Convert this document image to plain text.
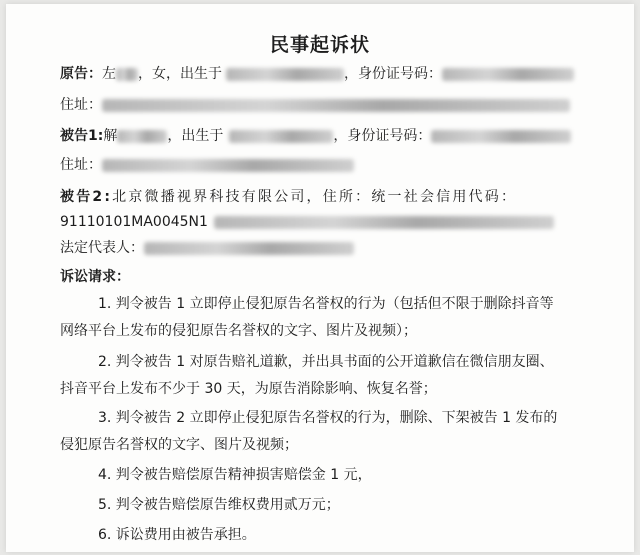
民事起诉状
原告：左 ，女，出生于	，身份证号码：
住址：
被告1:解	，出生于	，身份证号码：
住址：
被告2:北京微播视界科技有限公司，住所：统一社会信用代码：
91110101MA0045N1
法定代表人：
诉讼请求：
1. 判令被告 1 立即停止侵犯原告名誉权的行为（包括但不限于删除抖音等
网络平台上发布的侵犯原告名誉权的文字、图片及视频）；
2. 判令被告 1 对原告赔礼道歉，并出具书面的公开道歉信在微信朋友圈、
抖音平台上发布不少于 30 天，为原告消除影响、恢复名誉；
3. 判令被告 2 立即停止侵犯原告名誉权的行为，删除、下架被告 1 发布的
侵犯原告名誉权的文字、图片及视频；
4. 判令被告赔偿原告精神损害赔偿金 1 元，
5. 判令被告赔偿原告维权费用贰万元；
6. 诉讼费用由被告承担。
